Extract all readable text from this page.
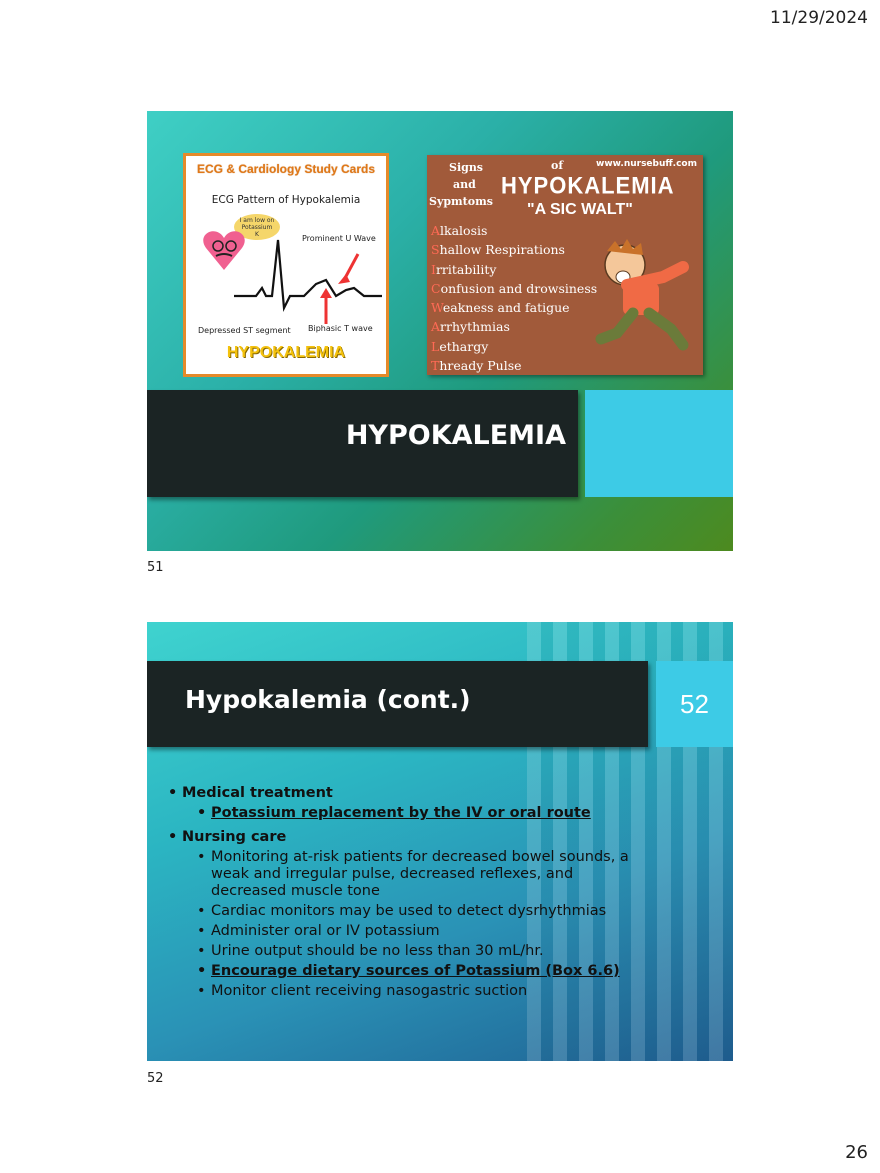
11/29/2024
ECG & Cardiology Study Cards
ECG Pattern of Hypokalemia
I am low on Potassium
K	Prominent U Wave
Depressed ST segment Biphasic T wave
HYPOKALEMIA
Signs
and
Sypmtoms
of	www.nursebuff.com
HYPOKALEMIA
"A SIC WALT"
Alkalosis
Shallow Respirations
Irritability
Confusion and drowsiness
Weakness and fatigue
Arrhythmias
Lethargy
Thready Pulse
HYPOKALEMIA
51
Hypokalemia (cont.)	52
• Medical treatment
• Potassium replacement by the IV or oral route
• Nursing care
• Monitoring at-risk patients for decreased bowel sounds, a weak and irregular pulse, decreased reflexes, and decreased muscle tone
• Cardiac monitors may be used to detect dysrhythmias
• Administer oral or IV potassium
• Urine output should be no less than 30 mL/hr.
• Encourage dietary sources of Potassium (Box 6.6)
• Monitor client receiving nasogastric suction
52
26
